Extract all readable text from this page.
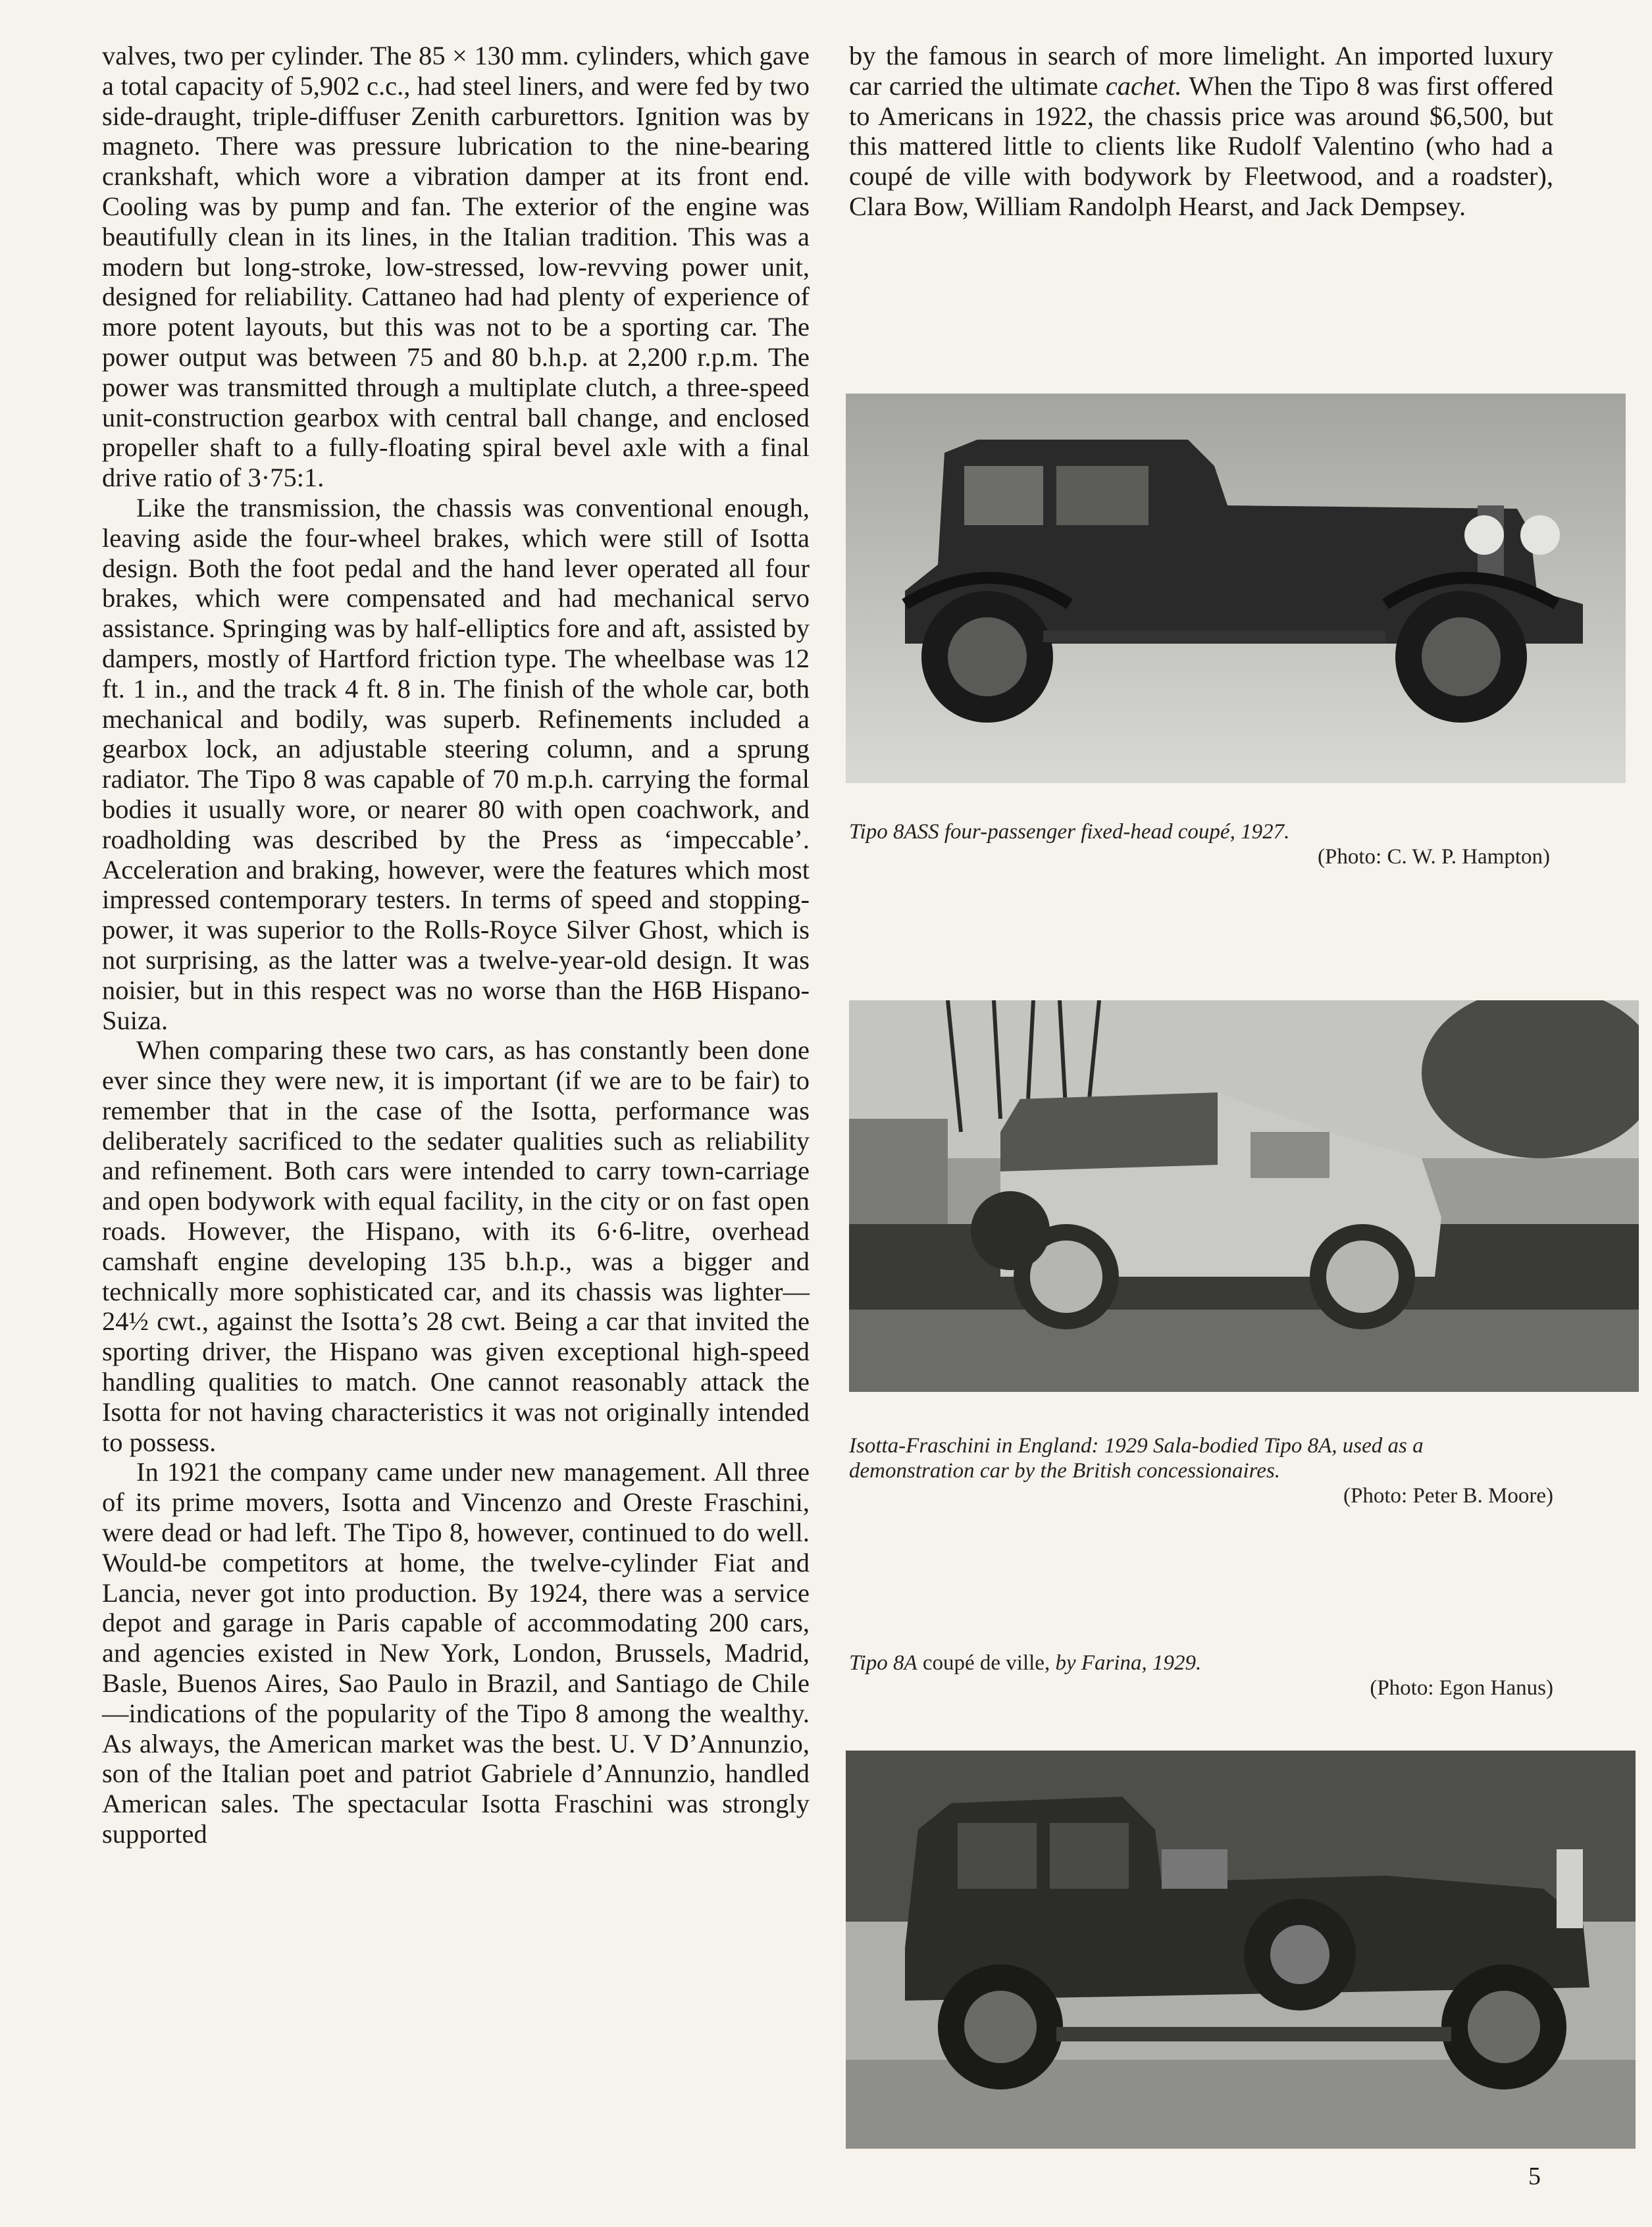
valves, two per cylinder. The 85 × 130 mm. cylinders, which gave a total capacity of 5,902 c.c., had steel liners, and were fed by two side-draught, triple-diffuser Zenith carburettors. Ignition was by magneto. There was pressure lubrication to the nine-bearing crankshaft, which wore a vibration damper at its front end. Cooling was by pump and fan. The exterior of the engine was beautifully clean in its lines, in the Italian tradition. This was a modern but long-stroke, low-stressed, low-revving power unit, designed for reliability. Cattaneo had had plenty of experience of more potent layouts, but this was not to be a sporting car. The power output was between 75 and 80 b.h.p. at 2,200 r.p.m. The power was transmitted through a multiplate clutch, a three-speed unit-construction gearbox with central ball change, and enclosed propeller shaft to a fully-floating spiral bevel axle with a final drive ratio of 3·75:1.

Like the transmission, the chassis was conventional enough, leaving aside the four-wheel brakes, which were still of Isotta design. Both the foot pedal and the hand lever operated all four brakes, which were compensated and had mechanical servo assistance. Springing was by half-elliptics fore and aft, assisted by dampers, mostly of Hartford friction type. The wheelbase was 12 ft. 1 in., and the track 4 ft. 8 in. The finish of the whole car, both mechanical and bodily, was superb. Refinements included a gearbox lock, an adjustable steering column, and a sprung radiator. The Tipo 8 was capable of 70 m.p.h. carrying the formal bodies it usually wore, or nearer 80 with open coachwork, and roadholding was described by the Press as ‘impeccable’. Acceleration and braking, however, were the features which most impressed contemporary testers. In terms of speed and stopping-power, it was superior to the Rolls-Royce Silver Ghost, which is not surprising, as the latter was a twelve-year-old design. It was noisier, but in this respect was no worse than the H6B Hispano-Suiza.

When comparing these two cars, as has constantly been done ever since they were new, it is important (if we are to be fair) to remember that in the case of the Isotta, performance was deliberately sacrificed to the sedater qualities such as reliability and refinement. Both cars were intended to carry town-carriage and open bodywork with equal facility, in the city or on fast open roads. However, the Hispano, with its 6·6-litre, overhead camshaft engine developing 135 b.h.p., was a bigger and technically more sophisticated car, and its chassis was lighter—24½ cwt., against the Isotta’s 28 cwt. Being a car that invited the sporting driver, the Hispano was given exceptional high-speed handling qualities to match. One cannot reasonably attack the Isotta for not having characteristics it was not originally intended to possess.

In 1921 the company came under new management. All three of its prime movers, Isotta and Vincenzo and Oreste Fraschini, were dead or had left. The Tipo 8, however, continued to do well. Would-be competitors at home, the twelve-cylinder Fiat and Lancia, never got into production. By 1924, there was a service depot and garage in Paris capable of accommodating 200 cars, and agencies existed in New York, London, Brussels, Madrid, Basle, Buenos Aires, Sao Paulo in Brazil, and Santiago de Chile—indications of the popularity of the Tipo 8 among the wealthy. As always, the American market was the best. U. V D’Annunzio, son of the Italian poet and patriot Gabriele d’Annunzio, handled American sales. The spectacular Isotta Fraschini was strongly supported

by the famous in search of more limelight. An imported luxury car carried the ultimate cachet. When the Tipo 8 was first offered to Americans in 1922, the chassis price was around $6,500, but this mattered little to clients like Rudolf Valentino (who had a coupé de ville with bodywork by Fleetwood, and a roadster), Clara Bow, William Randolph Hearst, and Jack Dempsey.

Tipo 8ASS four-passenger fixed-head coupé, 1927.
(Photo: C. W. P. Hampton)
Isotta-Fraschini in England: 1929 Sala-bodied Tipo 8A, used as a demonstration car by the British concessionaires.
(Photo: Peter B. Moore)
Tipo 8A coupé de ville, by Farina, 1929.
(Photo: Egon Hanus)
5
